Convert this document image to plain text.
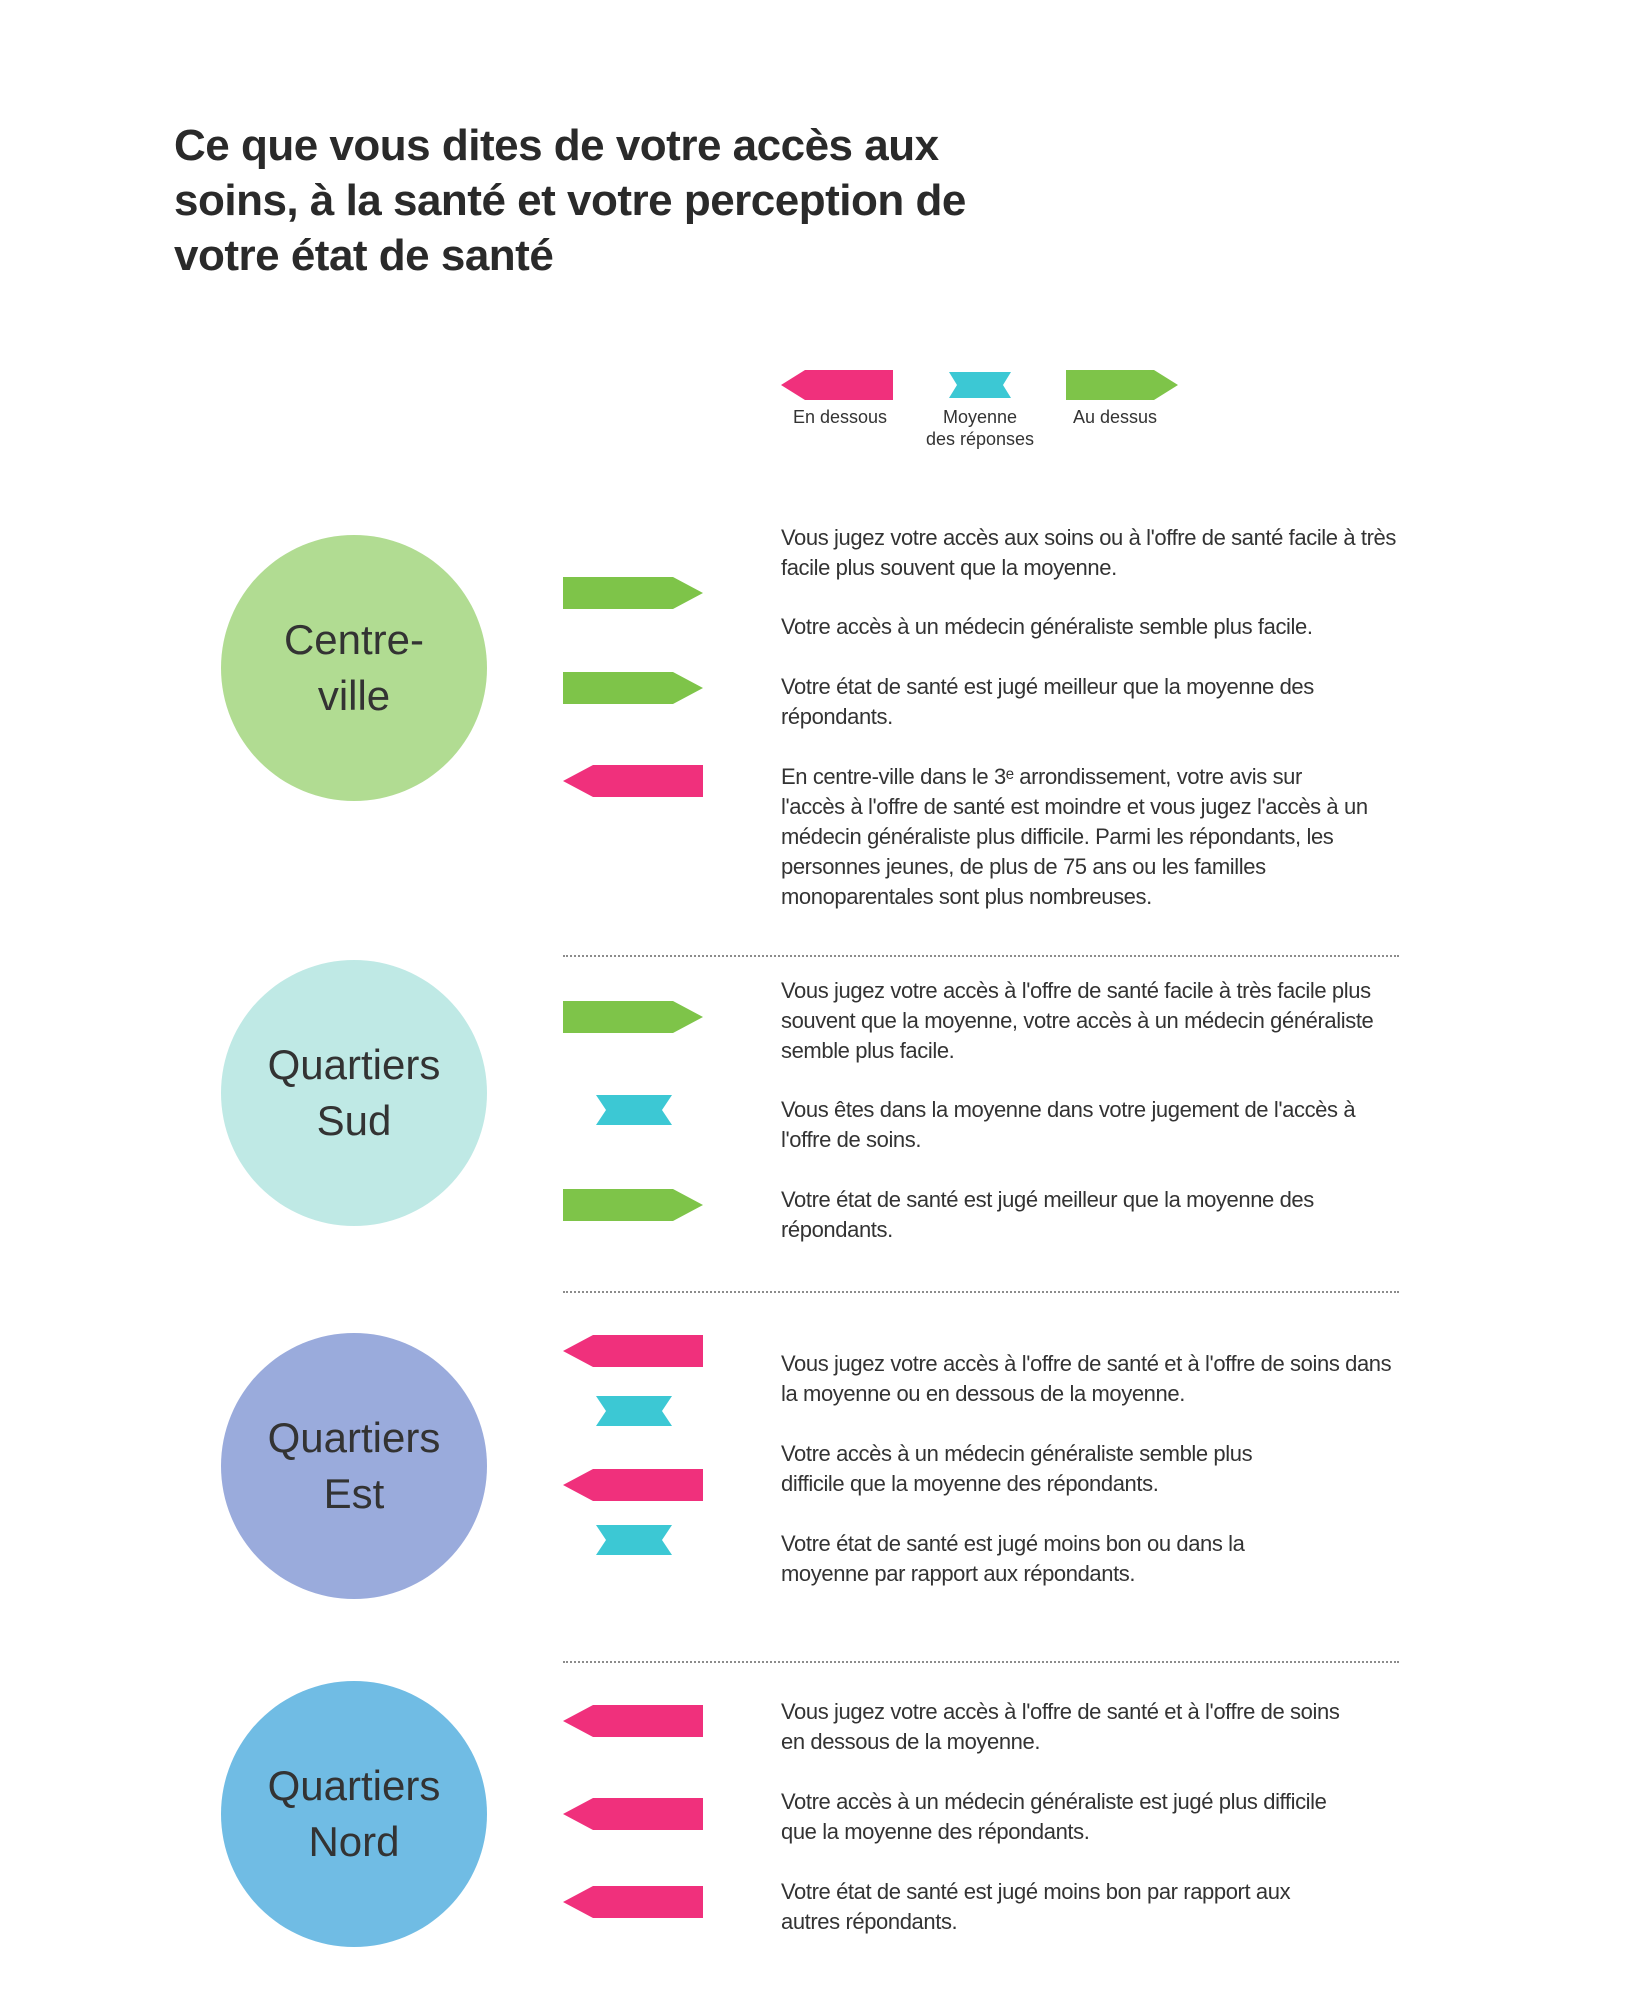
Ce que vous dites de votre accès aux soins, à la santé et votre perception de votre état de santé
En dessous	Moyenne
des réponses
Au dessus
Centre-
ville
Vous jugez votre accès aux soins ou à l'offre de santé facile à très facile plus souvent que la moyenne.
Votre accès à un médecin généraliste semble plus facile.
Votre état de santé est jugé meilleur que la moyenne des répondants.
En centre-ville dans le 3ᵉ arrondissement, votre avis sur l'accès à l'offre de santé est moindre et vous jugez l'accès à un médecin généraliste plus difficile. Parmi les répondants, les personnes jeunes, de plus de 75 ans ou les familles monoparentales sont plus nombreuses.
Quartiers
Sud
Vous jugez votre accès à l'offre de santé facile à très facile plus souvent que la moyenne, votre accès à un médecin généraliste semble plus facile.
Vous êtes dans la moyenne dans votre jugement de l'accès à l'offre de soins.
Votre état de santé est jugé meilleur que la moyenne des répondants.
Quartiers
Est
Vous jugez votre accès à l'offre de santé et à l'offre de soins dans la moyenne ou en dessous de la moyenne.
Votre accès à un médecin généraliste semble plus difficile que la moyenne des répondants.
Votre état de santé est jugé moins bon ou dans la moyenne par rapport aux répondants.
Quartiers
Nord
Vous jugez votre accès à l'offre de santé et à l'offre de soins en dessous de la moyenne.
Votre accès à un médecin généraliste est jugé plus difficile que la moyenne des répondants.
Votre état de santé est jugé moins bon par rapport aux autres répondants.
